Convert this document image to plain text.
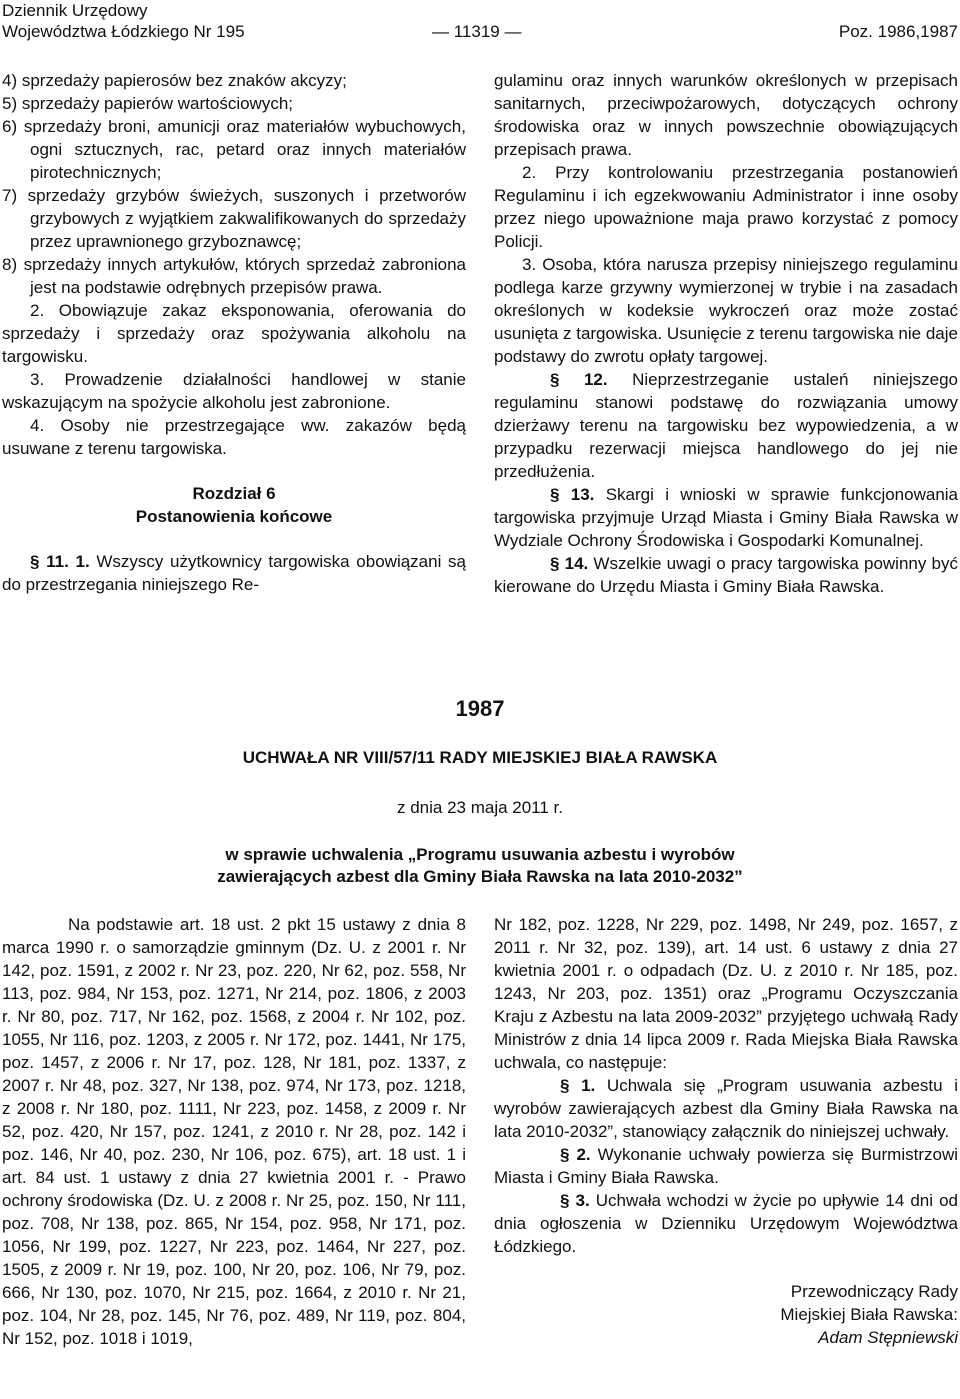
Dziennik Urzędowy
Województwa Łódzkiego Nr 195	Poz. 1986,1987
— 11319 —

4) sprzedaży papierosów bez znaków akcyzy;

5) sprzedaży papierów wartościowych;

6) sprzedaży broni, amunicji oraz materiałów wybuchowych, ogni sztucznych, rac, petard oraz innych materiałów pirotechnicznych;

7) sprzedaży grzybów świeżych, suszonych i przetworów grzybowych z wyjątkiem zakwalifikowanych do sprzedaży przez uprawnionego grzyboznawcę;

8) sprzedaży innych artykułów, których sprzedaż zabroniona jest na podstawie odrębnych przepisów prawa.

2. Obowiązuje zakaz eksponowania, oferowania do sprzedaży i sprzedaży oraz spożywania alkoholu na targowisku.

3. Prowadzenie działalności handlowej w stanie wskazującym na spożycie alkoholu jest zabronione.

4. Osoby nie przestrzegające ww. zakazów będą usuwane z terenu targowiska.

Rozdział 6

Postanowienia końcowe

§ 11. 1. Wszyscy użytkownicy targowiska obowiązani są do przestrzegania niniejszego Re-

gulaminu oraz innych warunków określonych w przepisach sanitarnych, przeciwpożarowych, dotyczących ochrony środowiska oraz w innych powszechnie obowiązujących przepisach prawa.

2. Przy kontrolowaniu przestrzegania postanowień Regulaminu i ich egzekwowaniu Administrator i inne osoby przez niego upoważnione maja prawo korzystać z pomocy Policji.

3. Osoba, która narusza przepisy niniejszego regulaminu podlega karze grzywny wymierzonej w trybie i na zasadach określonych w kodeksie wykroczeń oraz może zostać usunięta z targowiska. Usunięcie z terenu targowiska nie daje podstawy do zwrotu opłaty targowej.

§ 12. Nieprzestrzeganie ustaleń niniejszego regulaminu stanowi podstawę do rozwiązania umowy dzierżawy terenu na targowisku bez wypowiedzenia, a w przypadku rezerwacji miejsca handlowego do jej nie przedłużenia.

§ 13. Skargi i wnioski w sprawie funkcjonowania targowiska przyjmuje Urząd Miasta i Gminy Biała Rawska w Wydziale Ochrony Środowiska i Gospodarki Komunalnej.

§ 14. Wszelkie uwagi o pracy targowiska powinny być kierowane do Urzędu Miasta i Gminy Biała Rawska.

1987
UCHWAŁA NR VIII/57/11 RADY MIEJSKIEJ BIAŁA RAWSKA
z dnia 23 maja 2011 r.
w sprawie uchwalenia „Programu usuwania azbestu i wyrobów
zawierających azbest dla Gminy Biała Rawska na lata 2010-2032”

Na podstawie art. 18 ust. 2 pkt 15 ustawy z dnia 8 marca 1990 r. o samorządzie gminnym (Dz. U. z 2001 r. Nr 142, poz. 1591, z 2002 r. Nr 23, poz. 220, Nr 62, poz. 558, Nr 113, poz. 984, Nr 153, poz. 1271, Nr 214, poz. 1806, z 2003 r. Nr 80, poz. 717, Nr 162, poz. 1568, z 2004 r. Nr 102, poz. 1055, Nr 116, poz. 1203, z 2005 r. Nr 172, poz. 1441, Nr 175, poz. 1457, z 2006 r. Nr 17, poz. 128, Nr 181, poz. 1337, z 2007 r. Nr 48, poz. 327, Nr 138, poz. 974, Nr 173, poz. 1218, z 2008 r. Nr 180, poz. 1111, Nr 223, poz. 1458, z 2009 r. Nr 52, poz. 420, Nr 157, poz. 1241, z 2010 r. Nr 28, poz. 142 i poz. 146, Nr 40, poz. 230, Nr 106, poz. 675), art. 18 ust. 1 i art. 84 ust. 1 ustawy z dnia 27 kwietnia 2001 r. - Prawo ochrony środowiska (Dz. U. z 2008 r. Nr 25, poz. 150, Nr 111, poz. 708, Nr 138, poz. 865, Nr 154, poz. 958, Nr 171, poz. 1056, Nr 199, poz. 1227, Nr 223, poz. 1464, Nr 227, poz. 1505, z 2009 r. Nr 19, poz. 100, Nr 20, poz. 106, Nr 79, poz. 666, Nr 130, poz. 1070, Nr 215, poz. 1664, z 2010 r. Nr 21, poz. 104, Nr 28, poz. 145, Nr 76, poz. 489, Nr 119, poz. 804, Nr 152, poz. 1018 i 1019,

Nr 182, poz. 1228, Nr 229, poz. 1498, Nr 249, poz. 1657, z 2011 r. Nr 32, poz. 139), art. 14 ust. 6 ustawy z dnia 27 kwietnia 2001 r. o odpadach (Dz. U. z 2010 r. Nr 185, poz. 1243, Nr 203, poz. 1351) oraz „Programu Oczyszczania Kraju z Azbestu na lata 2009-2032” przyjętego uchwałą Rady Ministrów z dnia 14 lipca 2009 r. Rada Miejska Biała Rawska uchwala, co następuje:

§ 1. Uchwala się „Program usuwania azbestu i wyrobów zawierających azbest dla Gminy Biała Rawska na lata 2010-2032”, stanowiący załącznik do niniejszej uchwały.

§ 2. Wykonanie uchwały powierza się Burmistrzowi Miasta i Gminy Biała Rawska.

§ 3. Uchwała wchodzi w życie po upływie 14 dni od dnia ogłoszenia w Dzienniku Urzędowym Województwa Łódzkiego.

Przewodniczący Rady

Miejskiej Biała Rawska:

Adam Stępniewski
